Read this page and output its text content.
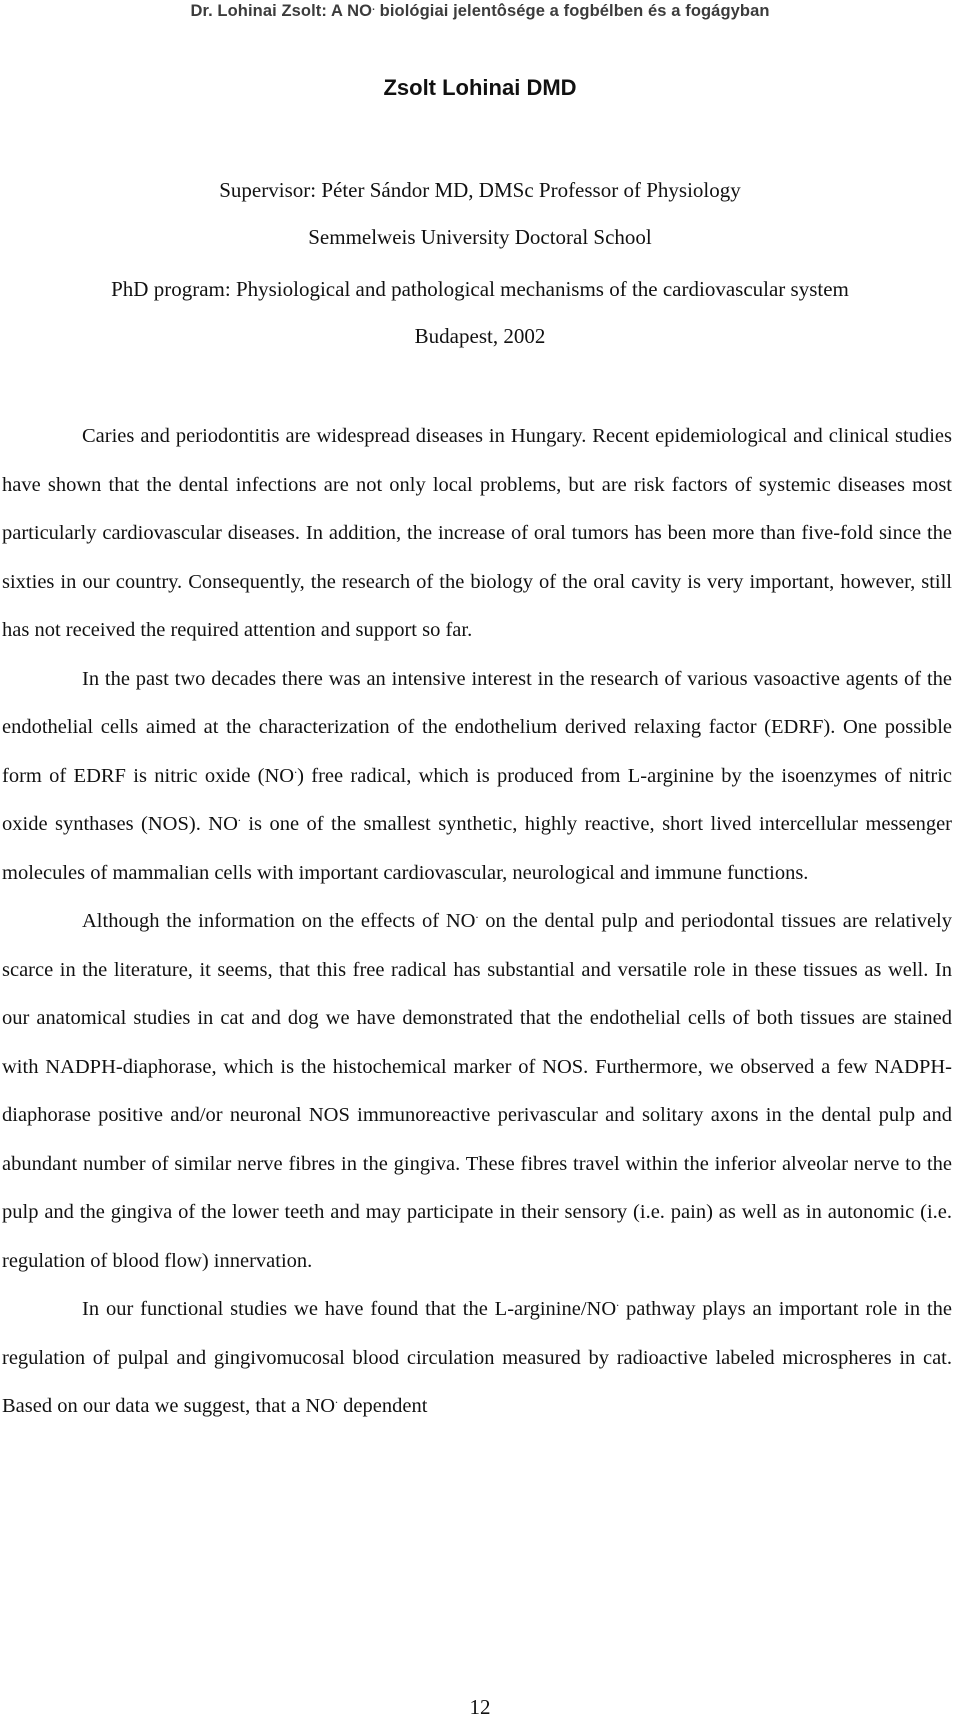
Dr. Lohinai Zsolt: A NO. biológiai jelentôsége a fogbélben és a fogágyban
Zsolt Lohinai DMD
Supervisor: Péter Sándor MD, DMSc Professor of Physiology
Semmelweis University Doctoral School
PhD program: Physiological and pathological mechanisms of the cardiovascular system
Budapest, 2002

Caries and periodontitis are widespread diseases in Hungary. Recent epidemiological and clinical studies have shown that the dental infections are not only local problems, but are risk factors of systemic diseases most particularly cardiovascular diseases. In addition, the increase of oral tumors has been more than five-fold since the sixties in our country. Consequently, the research of the biology of the oral cavity is very important, however, still has not received the required attention and support so far.

In the past two decades there was an intensive interest in the research of various vasoactive agents of the endothelial cells aimed at the characterization of the endothelium derived relaxing factor (EDRF). One possible form of EDRF is nitric oxide (NO.) free radical, which is produced from L-arginine by the isoenzymes of nitric oxide synthases (NOS). NO. is one of the smallest synthetic, highly reactive, short lived intercellular messenger molecules of mammalian cells with important cardiovascular, neurological and immune functions.

Although the information on the effects of NO. on the dental pulp and periodontal tissues are relatively scarce in the literature, it seems, that this free radical has substantial and versatile role in these tissues as well. In our anatomical studies in cat and dog we have demonstrated that the endothelial cells of both tissues are stained with NADPH-diaphorase, which is the histochemical marker of NOS. Furthermore, we observed a few NADPH-diaphorase positive and/or neuronal NOS immunoreactive perivascular and solitary axons in the dental pulp and abundant number of similar nerve fibres in the gingiva. These fibres travel within the inferior alveolar nerve to the pulp and the gingiva of the lower teeth and may participate in their sensory (i.e. pain) as well as in autonomic (i.e. regulation of blood flow) innervation.

In our functional studies we have found that the L-arginine/NO. pathway plays an important role in the regulation of pulpal and gingivomucosal blood circulation measured by radioactive labeled microspheres in cat. Based on our data we suggest, that a NO. dependent

12
